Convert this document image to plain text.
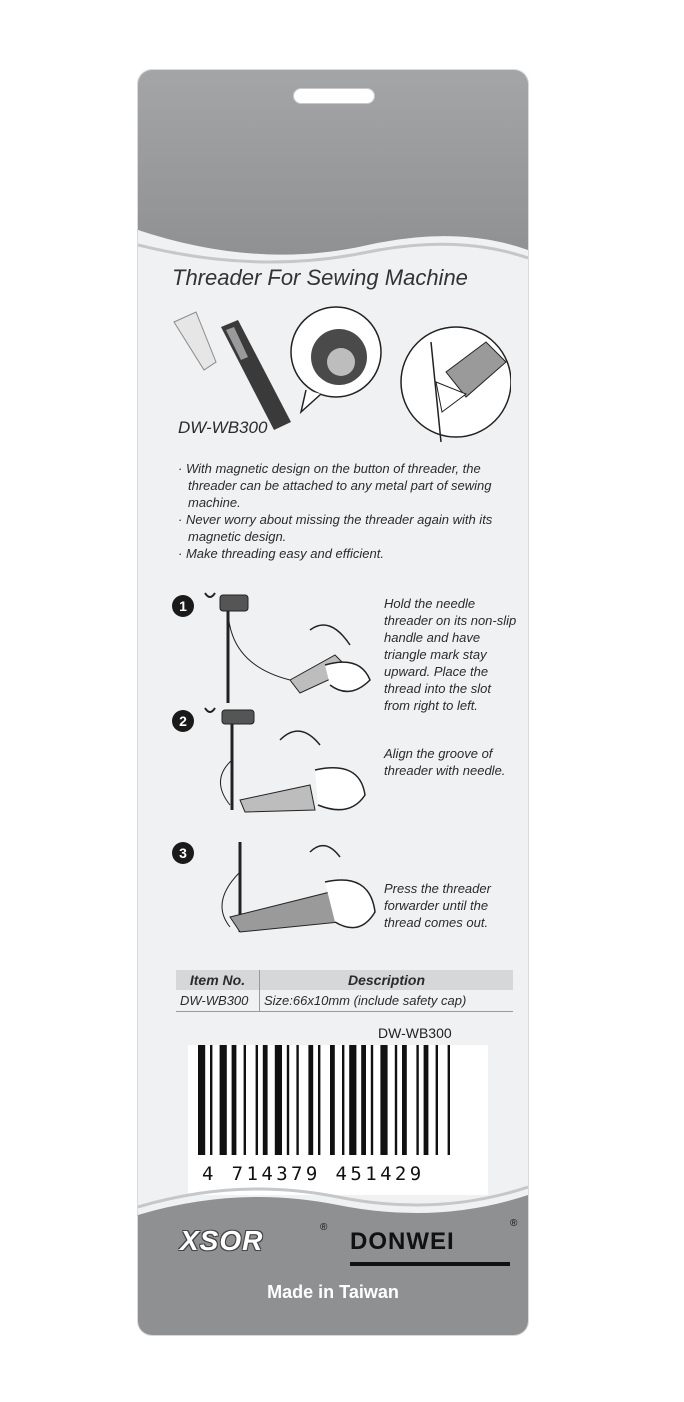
Threader For Sewing Machine
DW-WB300
· With magnetic design on the button of threader, the threader can be attached to any metal part of sewing machine.
· Never worry about missing the threader again with its magnetic design.
· Make threading easy and efficient.
1	Hold the needle threader on its non-slip handle and have triangle mark stay upward. Place the thread into the slot from right to left.
2
Align the groove of threader with needle.
3
Press the threader forwarder until the thread comes out.
Item No.	Description
DW-WB300	Size:66x10mm (include safety cap)
DW-WB300
4 714379 451429
XSOR	®
DONWEI
®
Made in Taiwan
